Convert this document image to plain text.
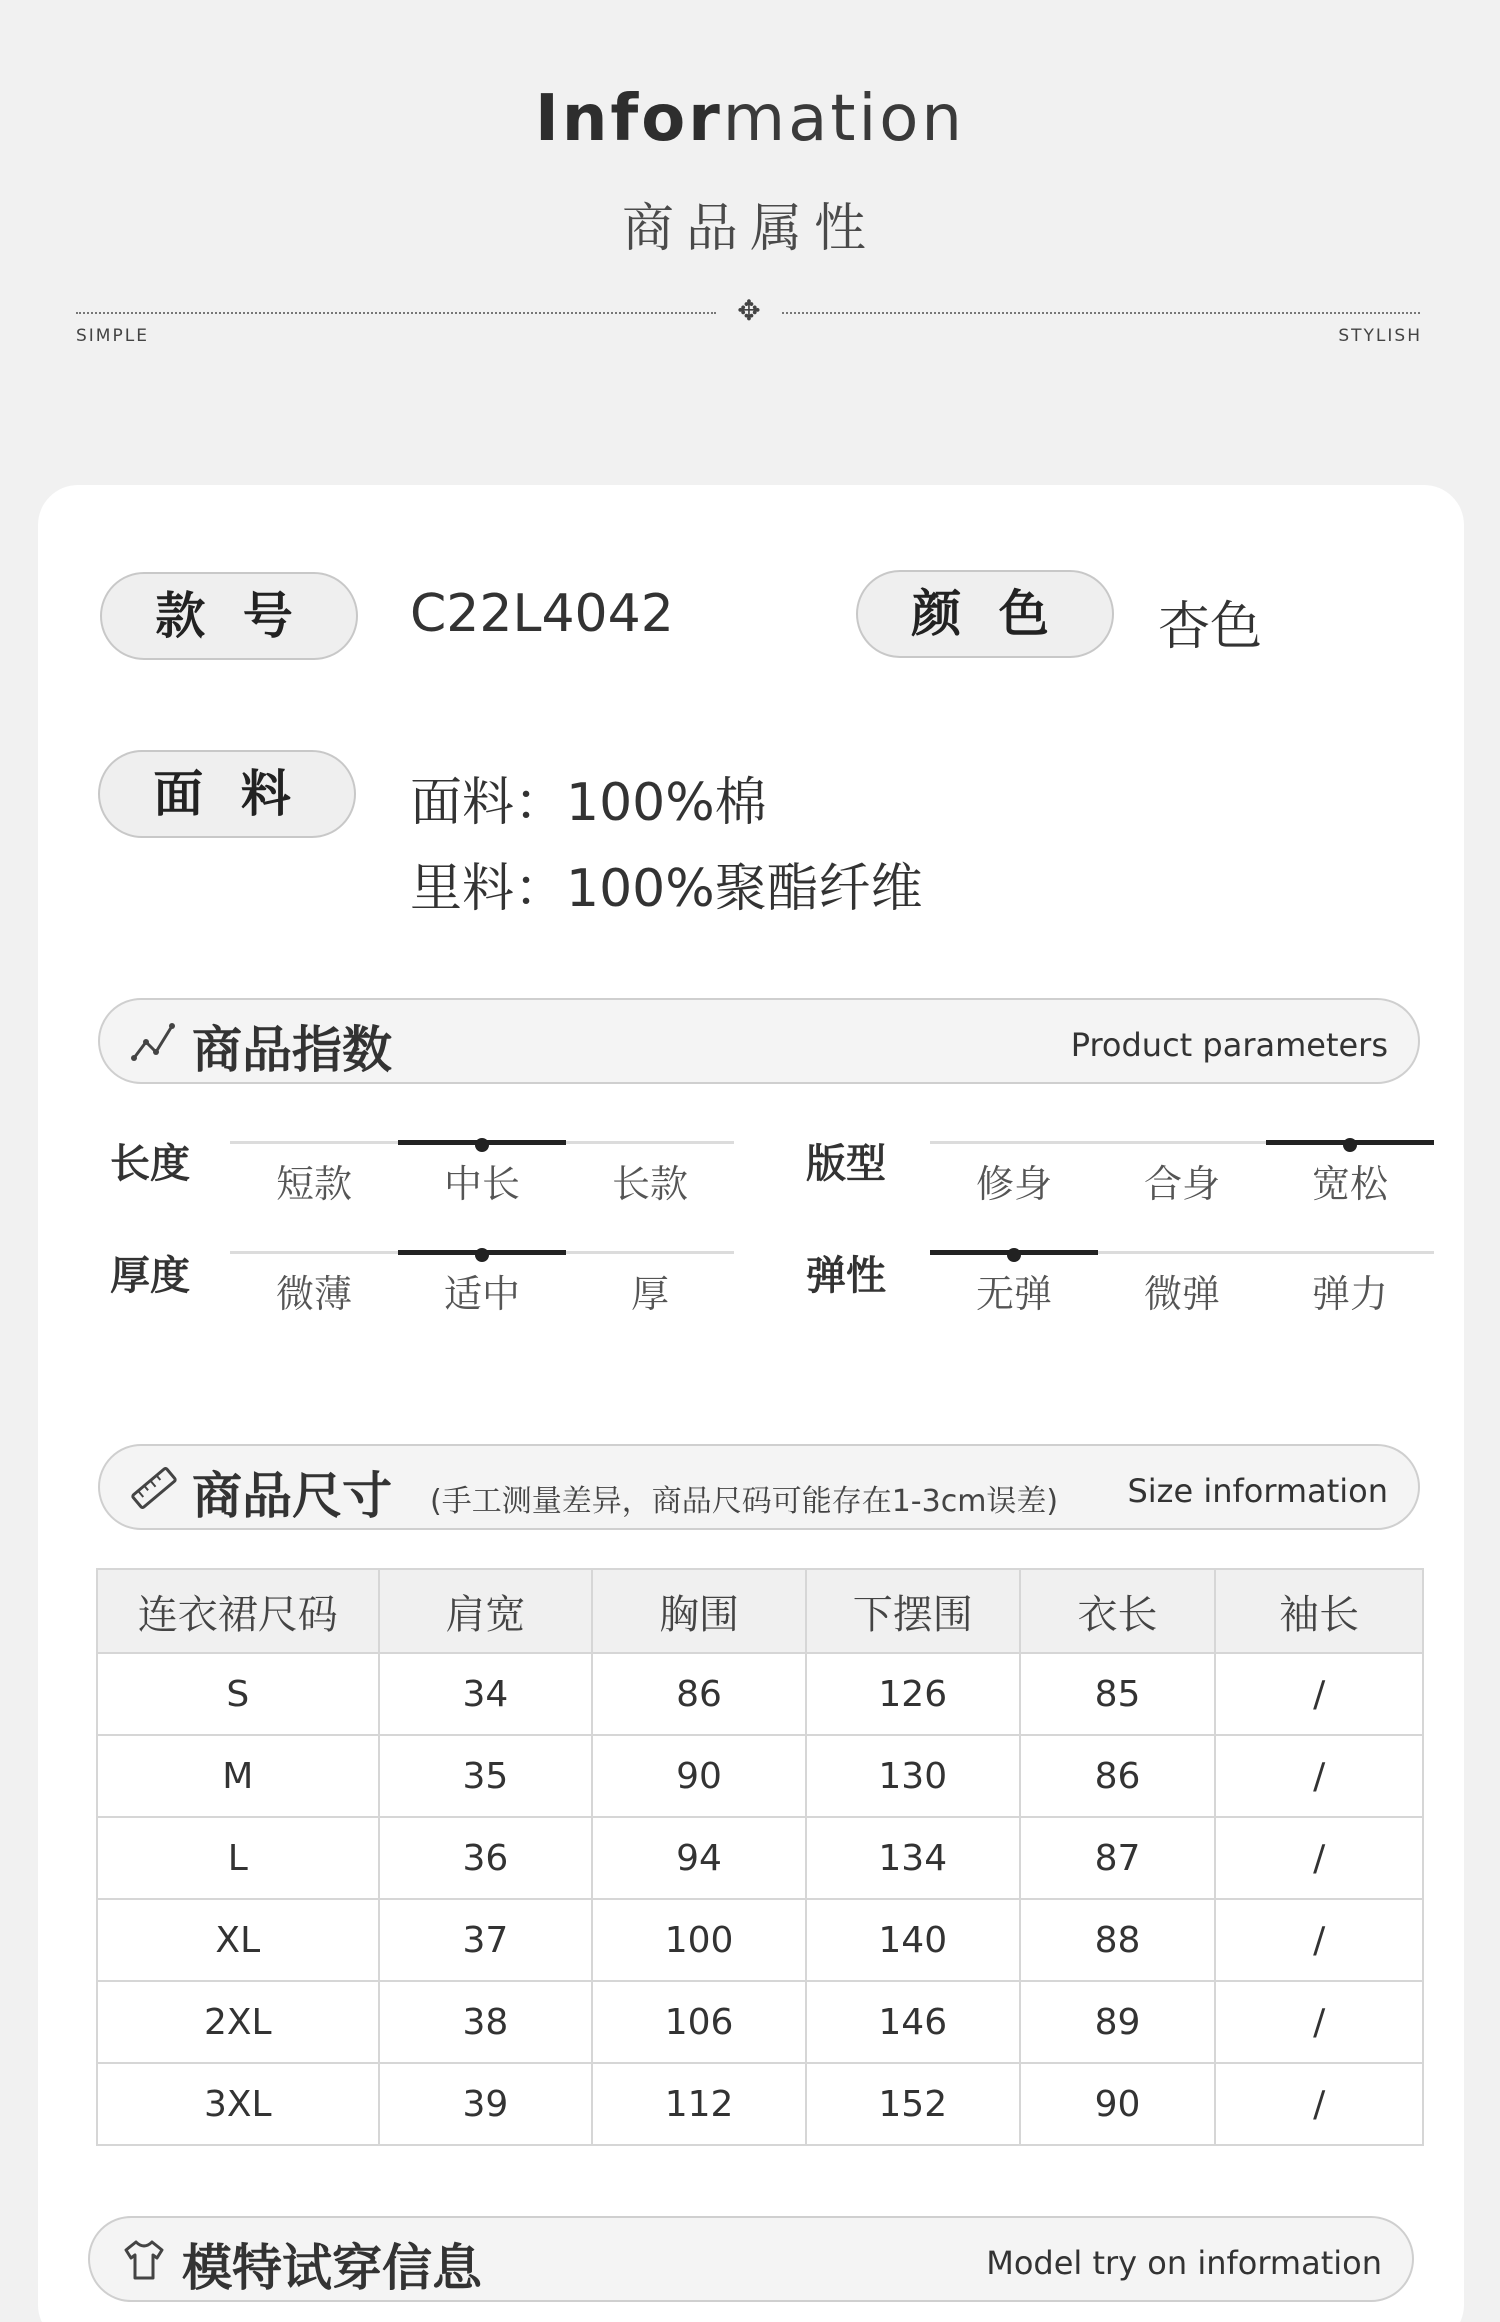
Information
商品属性
✥
SIMPLE	STYLISH
款 号	C22L4042	颜 色	杏色
面 料	面料：100%棉
里料：100%聚酯纤维
商品指数	Product parameters
长度	短款	中长	长款	版型	修身	合身	宽松
厚度	微薄	适中	厚	弹性	无弹	微弹	弹力
商品尺寸 (手工测量差异，商品尺码可能存在1-3cm误差) Size information
连衣裙尺码	肩宽	胸围	下摆围	衣长	袖长
S	34	86	126	85	/
M	35	90	130	86	/
L	36	94	134	87	/
XL	37	100	140	88	/
2XL	38	106	146	89	/
3XL	39	112	152	90	/
模特试穿信息	Model try on information
